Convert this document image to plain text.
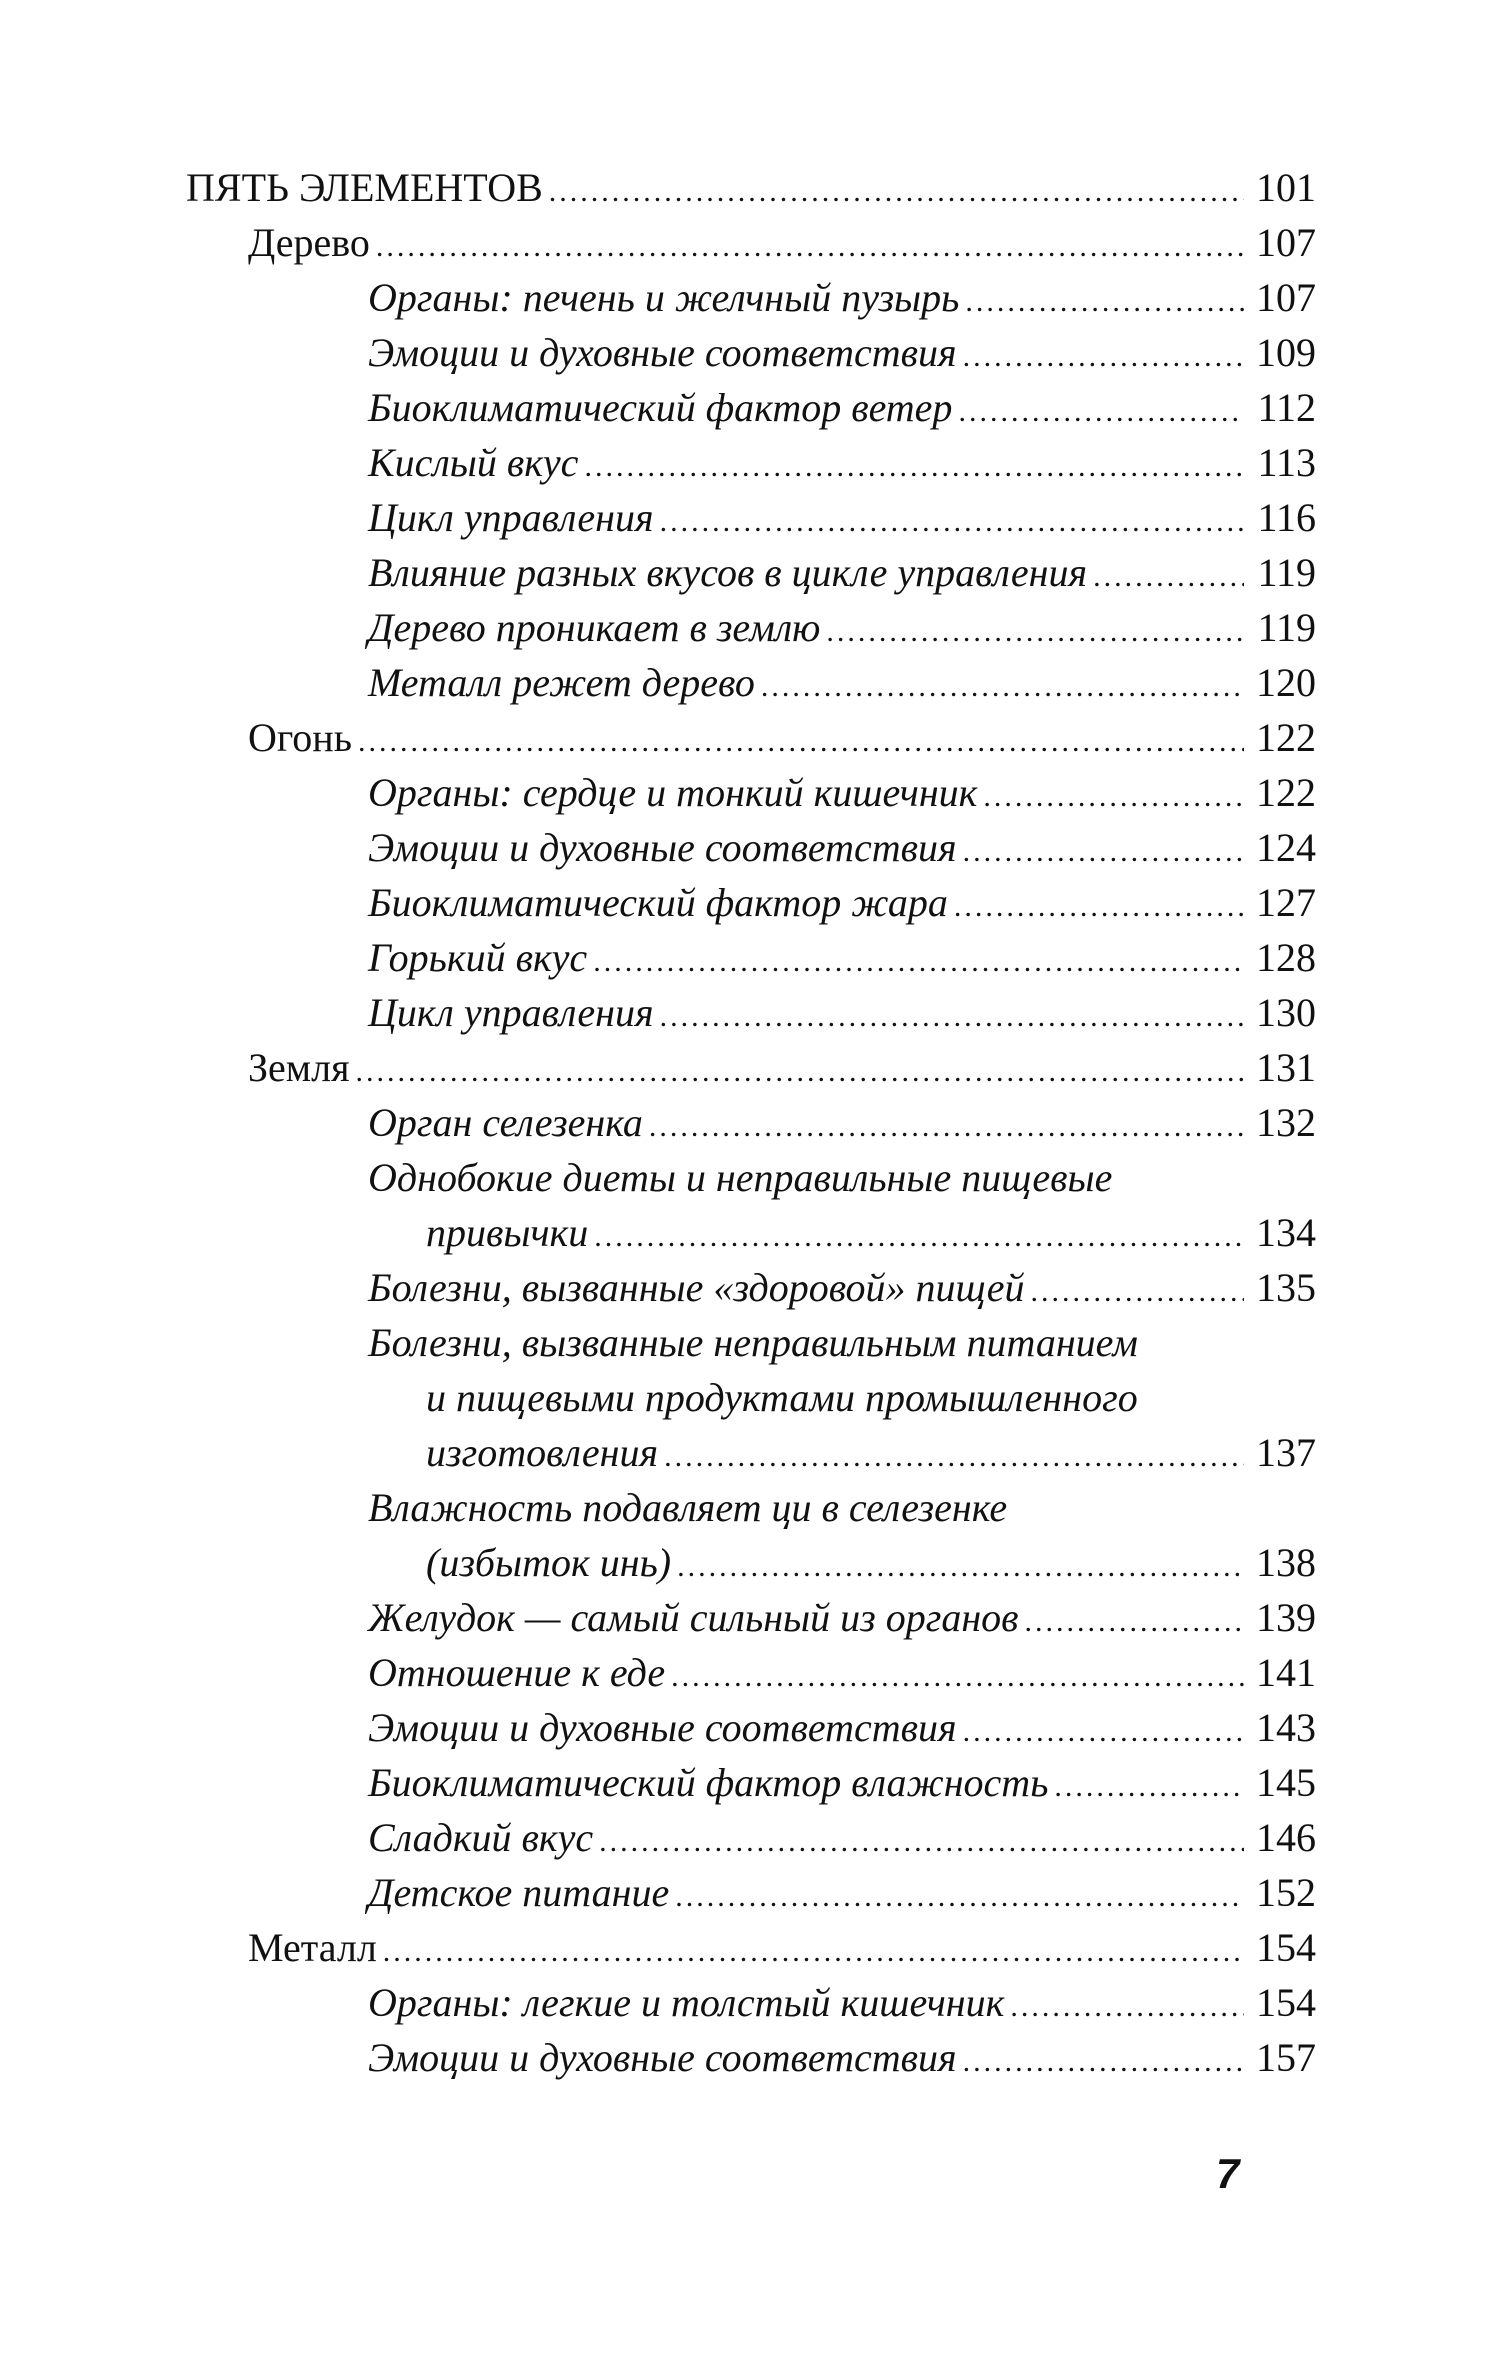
ПЯТЬ ЭЛЕМЕНТОВ .....	101
Дерево .....	107
Органы: печень и желчный пузырь .....	107
Эмоции и духовные соответствия .....	109
Биоклиматический фактор ветер .....	112
Кислый вкус .....	113
Цикл управления .....	116
Влияние разных вкусов в цикле управления .....	119
Дерево проникает в землю .....	119
Металл режет дерево .....	120
Огонь .....	122
Органы: сердце и тонкий кишечник .....	122
Эмоции и духовные соответствия .....	124
Биоклиматический фактор жара .....	127
Горький вкус .....	128
Цикл управления .....	130
Земля .....	131
Орган селезенка .....	132
Однобокие диеты и неправильные пищевые
привычки .....	134
Болезни, вызванные «здоровой» пищей .....	135
Болезни, вызванные неправильным питанием
и пищевыми продуктами промышленного
изготовления .....	137
Влажность подавляет ци в селезенке
(избыток инь) .....	138
Желудок — самый сильный из органов .....	139
Отношение к еде .....	141
Эмоции и духовные соответствия .....	143
Биоклиматический фактор влажность .....	145
Сладкий вкус .....	146
Детское питание .....	152
Металл .....	154
Органы: легкие и толстый кишечник .....	154
Эмоции и духовные соответствия .....	157
7
